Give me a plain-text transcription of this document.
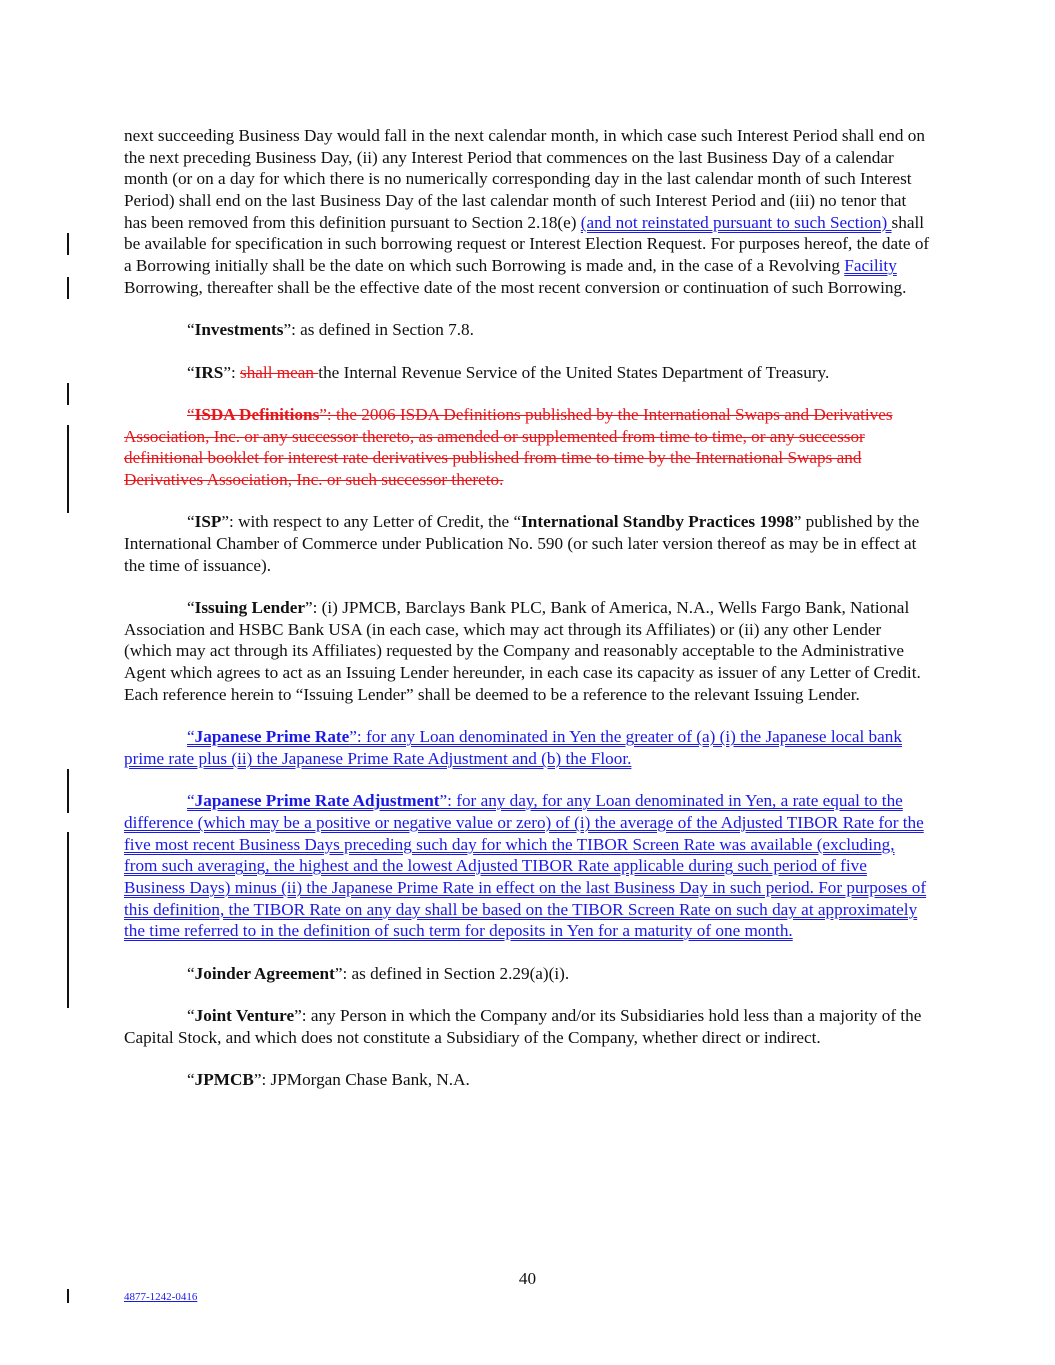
next succeeding Business Day would fall in the next calendar month, in which case such Interest Period shall end on the next preceding Business Day, (ii) any Interest Period that commences on the last Business Day of a calendar month (or on a day for which there is no numerically corresponding day in the last calendar month of such Interest Period) shall end on the last Business Day of the last calendar month of such Interest Period and (iii) no tenor that has been removed from this definition pursuant to Section 2.18(e) (and not reinstated pursuant to such Section) shall be available for specification in such borrowing request or Interest Election Request. For purposes hereof, the date of a Borrowing initially shall be the date on which such Borrowing is made and, in the case of a Revolving Facility Borrowing, thereafter shall be the effective date of the most recent conversion or continuation of such Borrowing.

“Investments”: as defined in Section 7.8.

“IRS”: shall mean the Internal Revenue Service of the United States Department of Treasury.

“ISDA Definitions”: the 2006 ISDA Definitions published by the International Swaps and Derivatives Association, Inc. or any successor thereto, as amended or supplemented from time to time, or any successor definitional booklet for interest rate derivatives published from time to time by the International Swaps and Derivatives Association, Inc. or such successor thereto.

“ISP”: with respect to any Letter of Credit, the “International Standby Practices 1998” published by the International Chamber of Commerce under Publication No. 590 (or such later version thereof as may be in effect at the time of issuance).

“Issuing Lender”: (i) JPMCB, Barclays Bank PLC, Bank of America, N.A., Wells Fargo Bank, National Association and HSBC Bank USA (in each case, which may act through its Affiliates) or (ii) any other Lender (which may act through its Affiliates) requested by the Company and reasonably acceptable to the Administrative Agent which agrees to act as an Issuing Lender hereunder, in each case its capacity as issuer of any Letter of Credit. Each reference herein to “Issuing Lender” shall be deemed to be a reference to the relevant Issuing Lender.

“Japanese Prime Rate”: for any Loan denominated in Yen the greater of (a) (i) the Japanese local bank prime rate plus (ii) the Japanese Prime Rate Adjustment and (b) the Floor.

“Japanese Prime Rate Adjustment”: for any day, for any Loan denominated in Yen, a rate equal to the difference (which may be a positive or negative value or zero) of (i) the average of the Adjusted TIBOR Rate for the five most recent Business Days preceding such day for which the TIBOR Screen Rate was available (excluding, from such averaging, the highest and the lowest Adjusted TIBOR Rate applicable during such period of five Business Days) minus (ii) the Japanese Prime Rate in effect on the last Business Day in such period. For purposes of this definition, the TIBOR Rate on any day shall be based on the TIBOR Screen Rate on such day at approximately the time referred to in the definition of such term for deposits in Yen for a maturity of one month.

“Joinder Agreement”: as defined in Section 2.29(a)(i).

“Joint Venture”: any Person in which the Company and/or its Subsidiaries hold less than a majority of the Capital Stock, and which does not constitute a Subsidiary of the Company, whether direct or indirect.

“JPMCB”: JPMorgan Chase Bank, N.A.

40
4877-1242-0416
